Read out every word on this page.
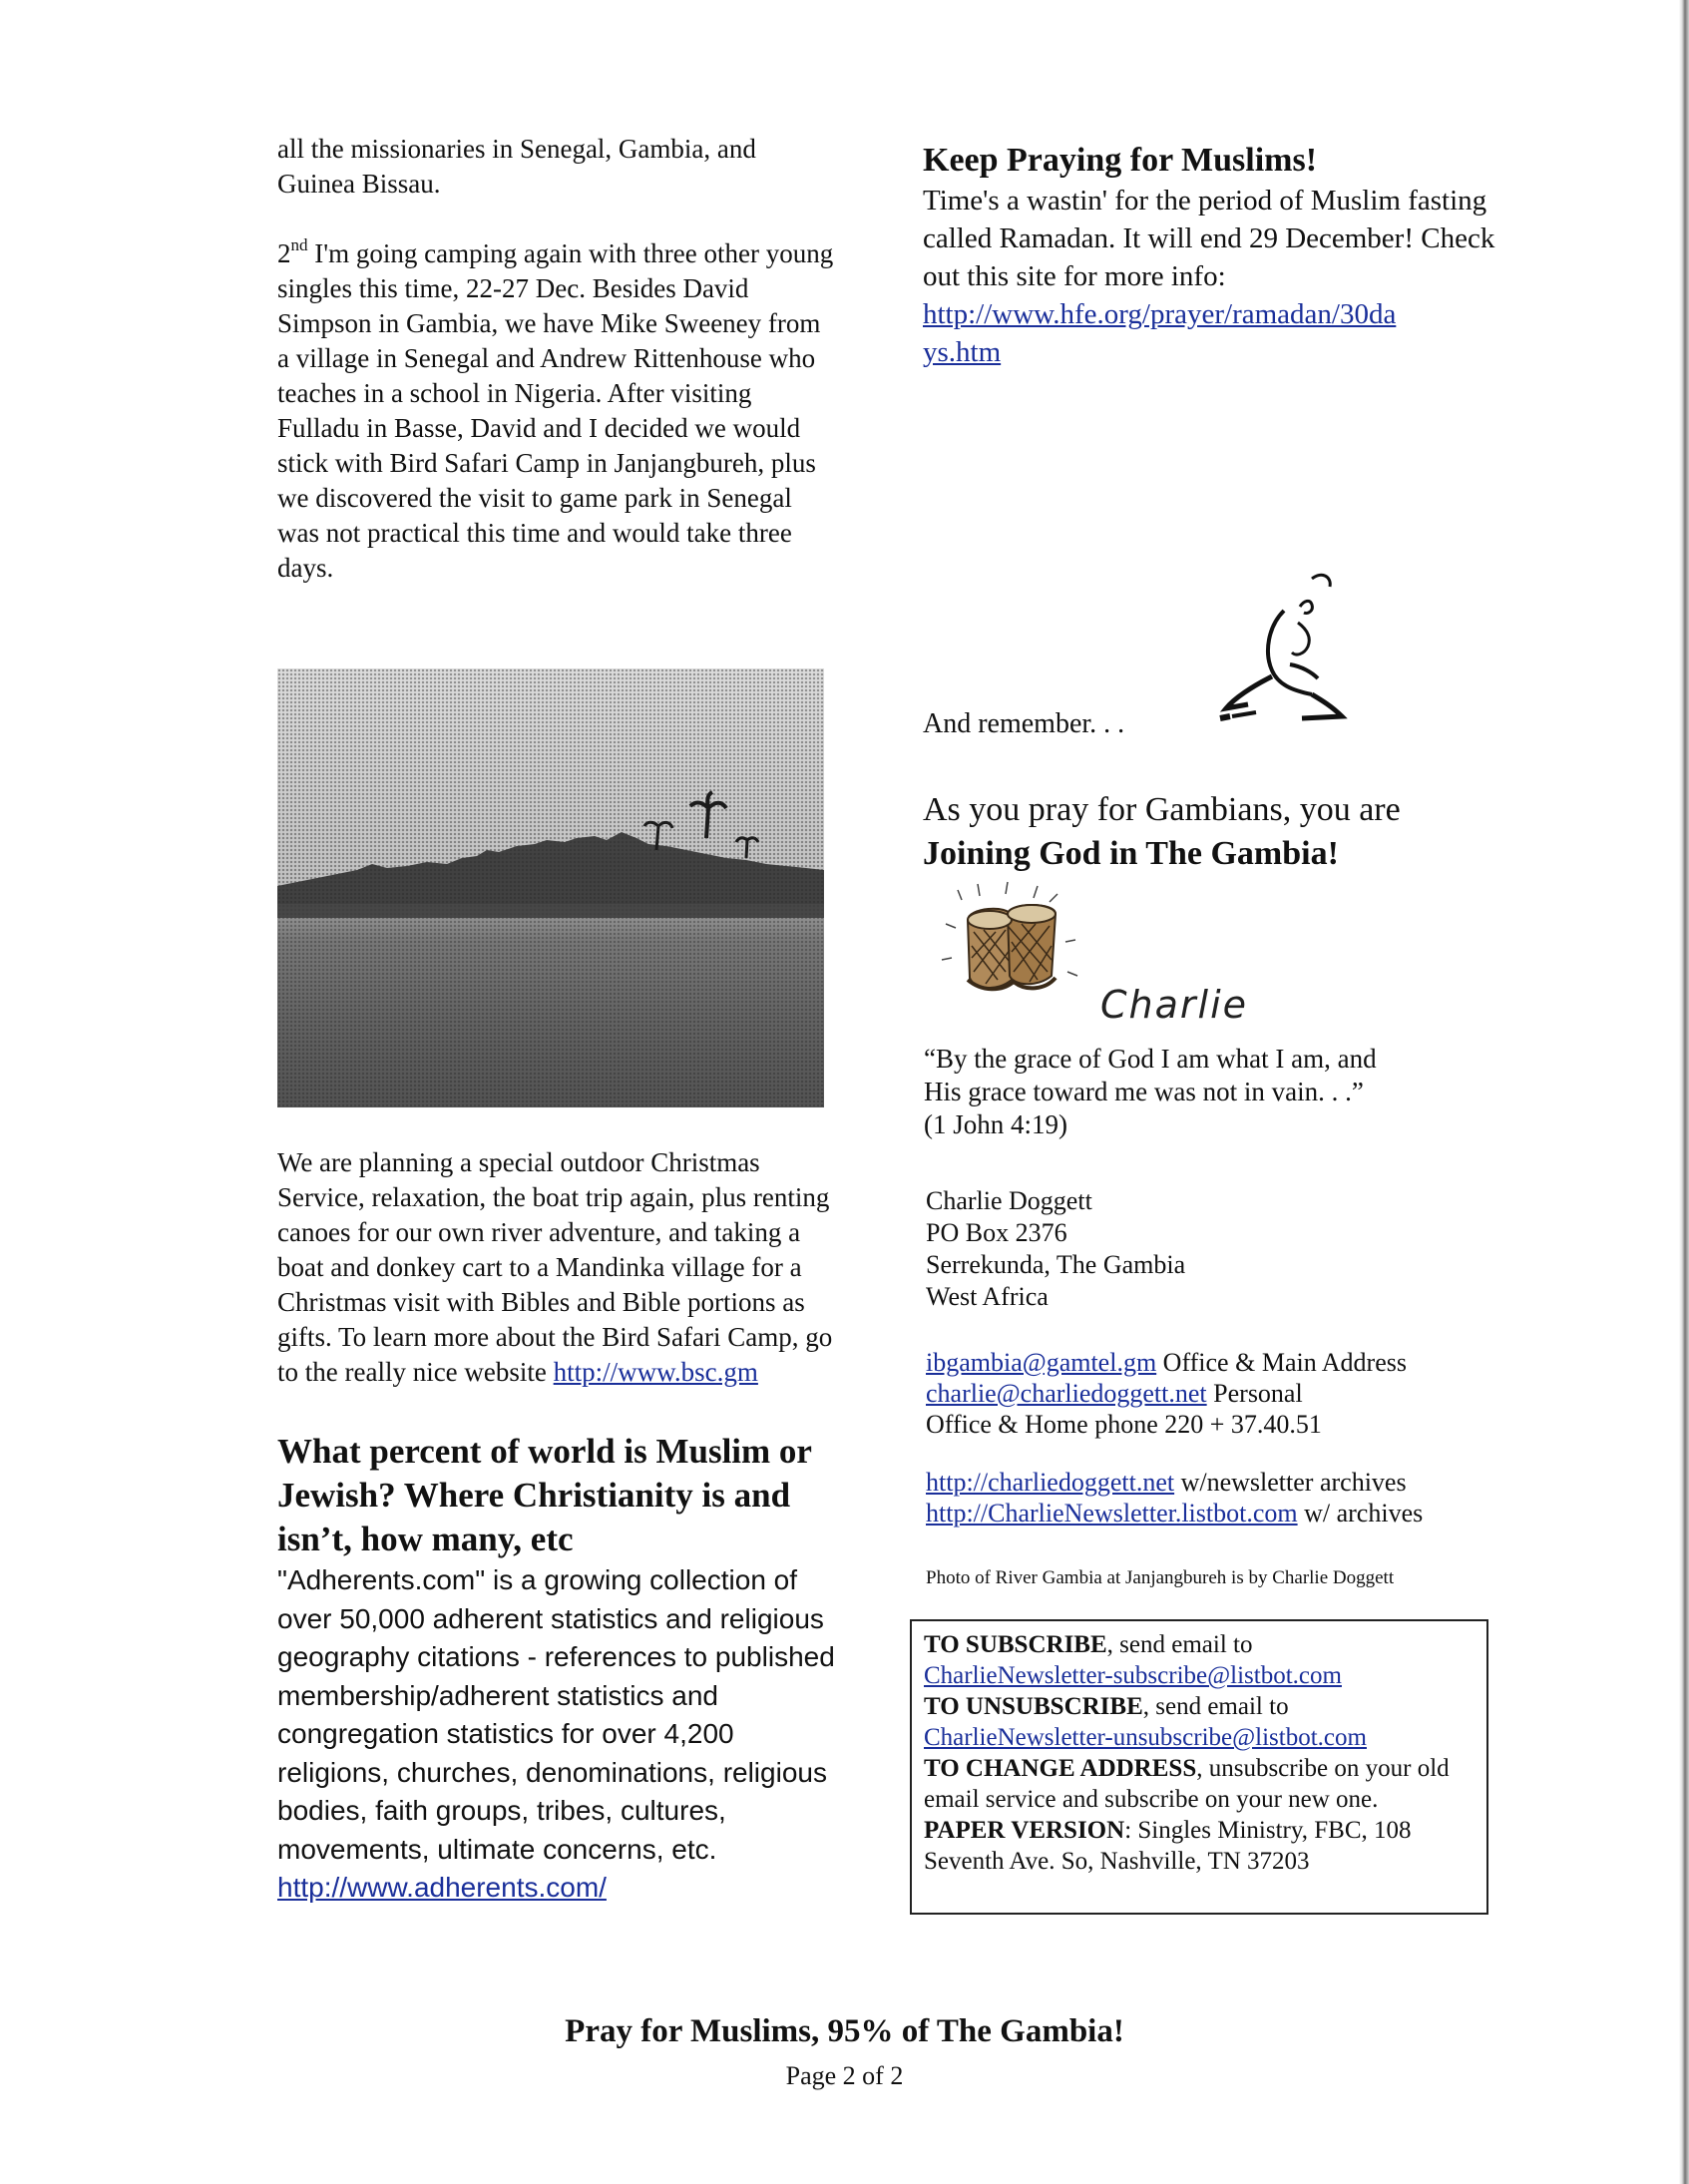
all the missionaries in Senegal, Gambia, and Guinea Bissau.

2nd I'm going camping again with three other young singles this time, 22-27 Dec. Besides David Simpson in Gambia, we have Mike Sweeney from a village in Senegal and Andrew Rittenhouse who teaches in a school in Nigeria. After visiting Fulladu in Basse, David and I decided we would stick with Bird Safari Camp in Janjangbureh, plus we discovered the visit to game park in Senegal was not practical this time and would take three days.

We are planning a special outdoor Christmas Service, relaxation, the boat trip again, plus renting canoes for our own river adventure, and taking a boat and donkey cart to a Mandinka village for a Christmas visit with Bibles and Bible portions as gifts. To learn more about the Bird Safari Camp, go to the really nice website http://www.bsc.gm

What percent of world is Muslim or Jewish? Where Christianity is and isn’t, how many, etc

"Adherents.com" is a growing collection of over 50,000 adherent statistics and religious geography citations - references to published membership/adherent statistics and congregation statistics for over 4,200 religions, churches, denominations, religious bodies, faith groups, tribes, cultures, movements, ultimate concerns, etc. http://www.adherents.com/

Keep Praying for Muslims!

Time's a wastin' for the period of Muslim fasting called Ramadan. It will end 29 December! Check out this site for more info:
http://www.hfe.org/prayer/ramadan/30da
ys.htm

And remember. . .
As you pray for Gambians, you are
Joining God in The Gambia!
Charlie
“By the grace of God I am what I am, and
His grace toward me was not in vain. . .”
(1 John 4:19)
Charlie Doggett
PO Box 2376
Serrekunda, The Gambia
West Africa
ibgambia@gamtel.gm Office & Main Address
charlie@charliedoggett.net Personal
Office & Home phone 220 + 37.40.51
http://charliedoggett.net w/newsletter archives
http://CharlieNewsletter.listbot.com w/ archives
Photo of River Gambia at Janjangbureh is by Charlie Doggett
TO SUBSCRIBE, send email to
CharlieNewsletter-subscribe@listbot.com
TO UNSUBSCRIBE, send email to
CharlieNewsletter-unsubscribe@listbot.com
TO CHANGE ADDRESS, unsubscribe on your old email service and subscribe on your new one.
PAPER VERSION: Singles Ministry, FBC, 108 Seventh Ave. So, Nashville, TN 37203
Pray for Muslims, 95% of The Gambia!
Page 2 of 2
